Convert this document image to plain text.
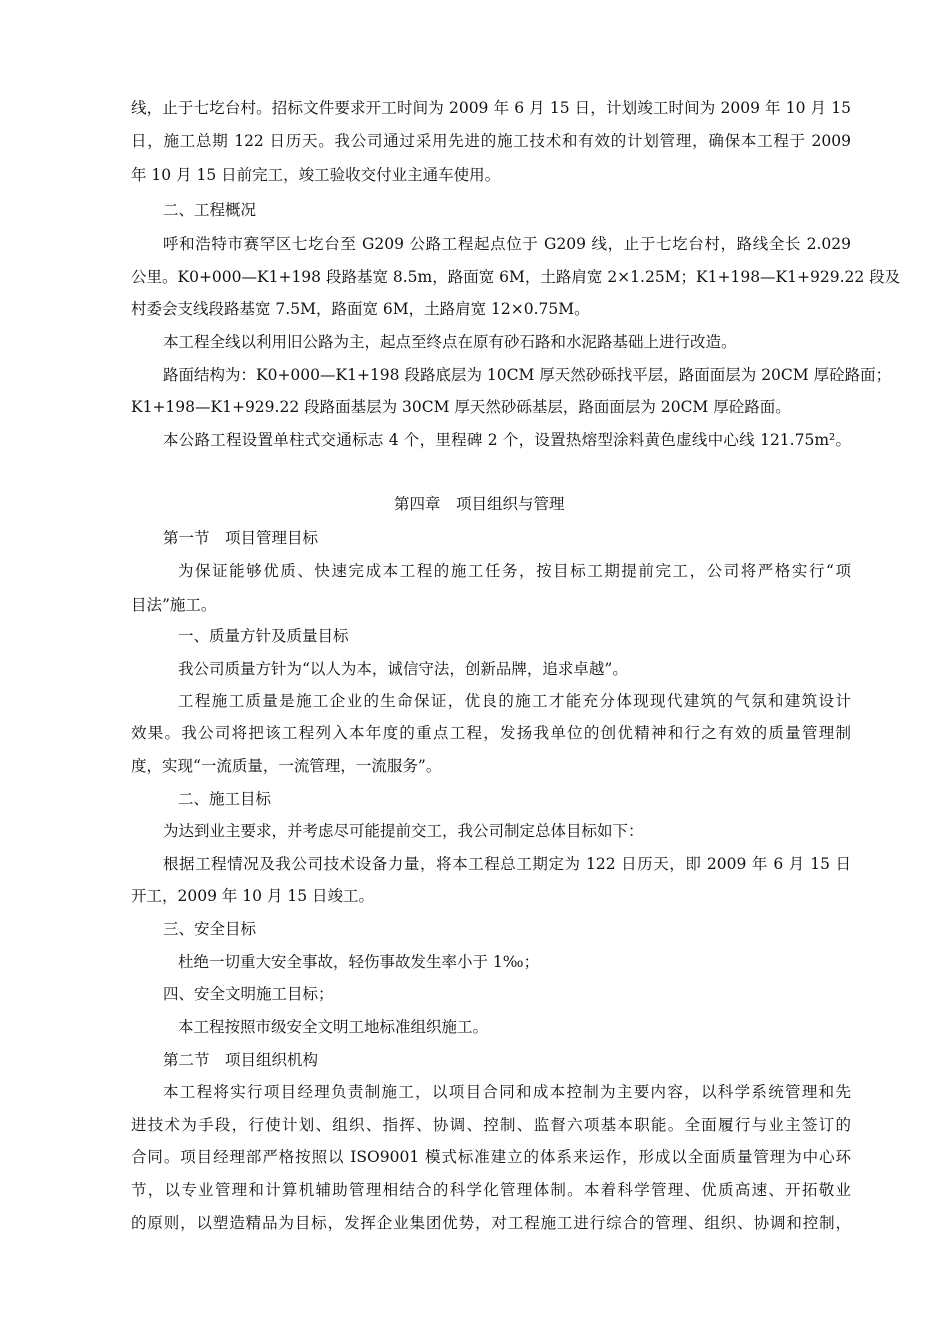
线，止于七圪台村。招标文件要求开工时间为 2009 年 6 月 15 日，计划竣工时间为 2009 年 10 月 15

日，施工总期 122 日历天。我公司通过采用先进的施工技术和有效的计划管理，确保本工程于 2009

年 10 月 15 日前完工，竣工验收交付业主通车使用。

二、工程概况

呼和浩特市赛罕区七圪台至 G209 公路工程起点位于 G209 线，止于七圪台村，路线全长 2.029

公里。K0+000—K1+198 段路基宽 8.5m，路面宽 6M，土路肩宽 2×1.25M；K1+198—K1+929.22 段及

村委会支线段路基宽 7.5M，路面宽 6M，土路肩宽 12×0.75M。

本工程全线以利用旧公路为主，起点至终点在原有砂石路和水泥路基础上进行改造。

路面结构为：K0+000—K1+198 段路底层为 10CM 厚天然砂砾找平层，路面面层为 20CM 厚砼路面；

K1+198—K1+929.22 段路面基层为 30CM 厚天然砂砾基层，路面面层为 20CM 厚砼路面。

本公路工程设置单柱式交通标志 4 个，里程碑 2 个，设置热熔型涂料黄色虚线中心线 121.75m²。

第四章　项目组织与管理

第一节　项目管理目标

为保证能够优质、快速完成本工程的施工任务，按目标工期提前完工，公司将严格实行“项

目法”施工。

一、质量方针及质量目标

我公司质量方针为“以人为本，诚信守法，创新品牌，追求卓越”。

工程施工质量是施工企业的生命保证，优良的施工才能充分体现现代建筑的气氛和建筑设计

效果。我公司将把该工程列入本年度的重点工程，发扬我单位的创优精神和行之有效的质量管理制

度，实现“一流质量，一流管理，一流服务”。

二、施工目标

为达到业主要求，并考虑尽可能提前交工，我公司制定总体目标如下：

根据工程情况及我公司技术设备力量，将本工程总工期定为 122 日历天，即 2009 年 6 月 15 日

开工，2009 年 10 月 15 日竣工。

三、安全目标

杜绝一切重大安全事故，轻伤事故发生率小于 1‰；

四、安全文明施工目标；

本工程按照市级安全文明工地标准组织施工。

第二节　项目组织机构

本工程将实行项目经理负责制施工，以项目合同和成本控制为主要内容，以科学系统管理和先

进技术为手段，行使计划、组织、指挥、协调、控制、监督六项基本职能。全面履行与业主签订的

合同。项目经理部严格按照以 ISO9001 模式标准建立的体系来运作，形成以全面质量管理为中心环

节，以专业管理和计算机辅助管理相结合的科学化管理体制。本着科学管理、优质高速、开拓敬业

的原则，以塑造精品为目标，发挥企业集团优势，对工程施工进行综合的管理、组织、协调和控制，
